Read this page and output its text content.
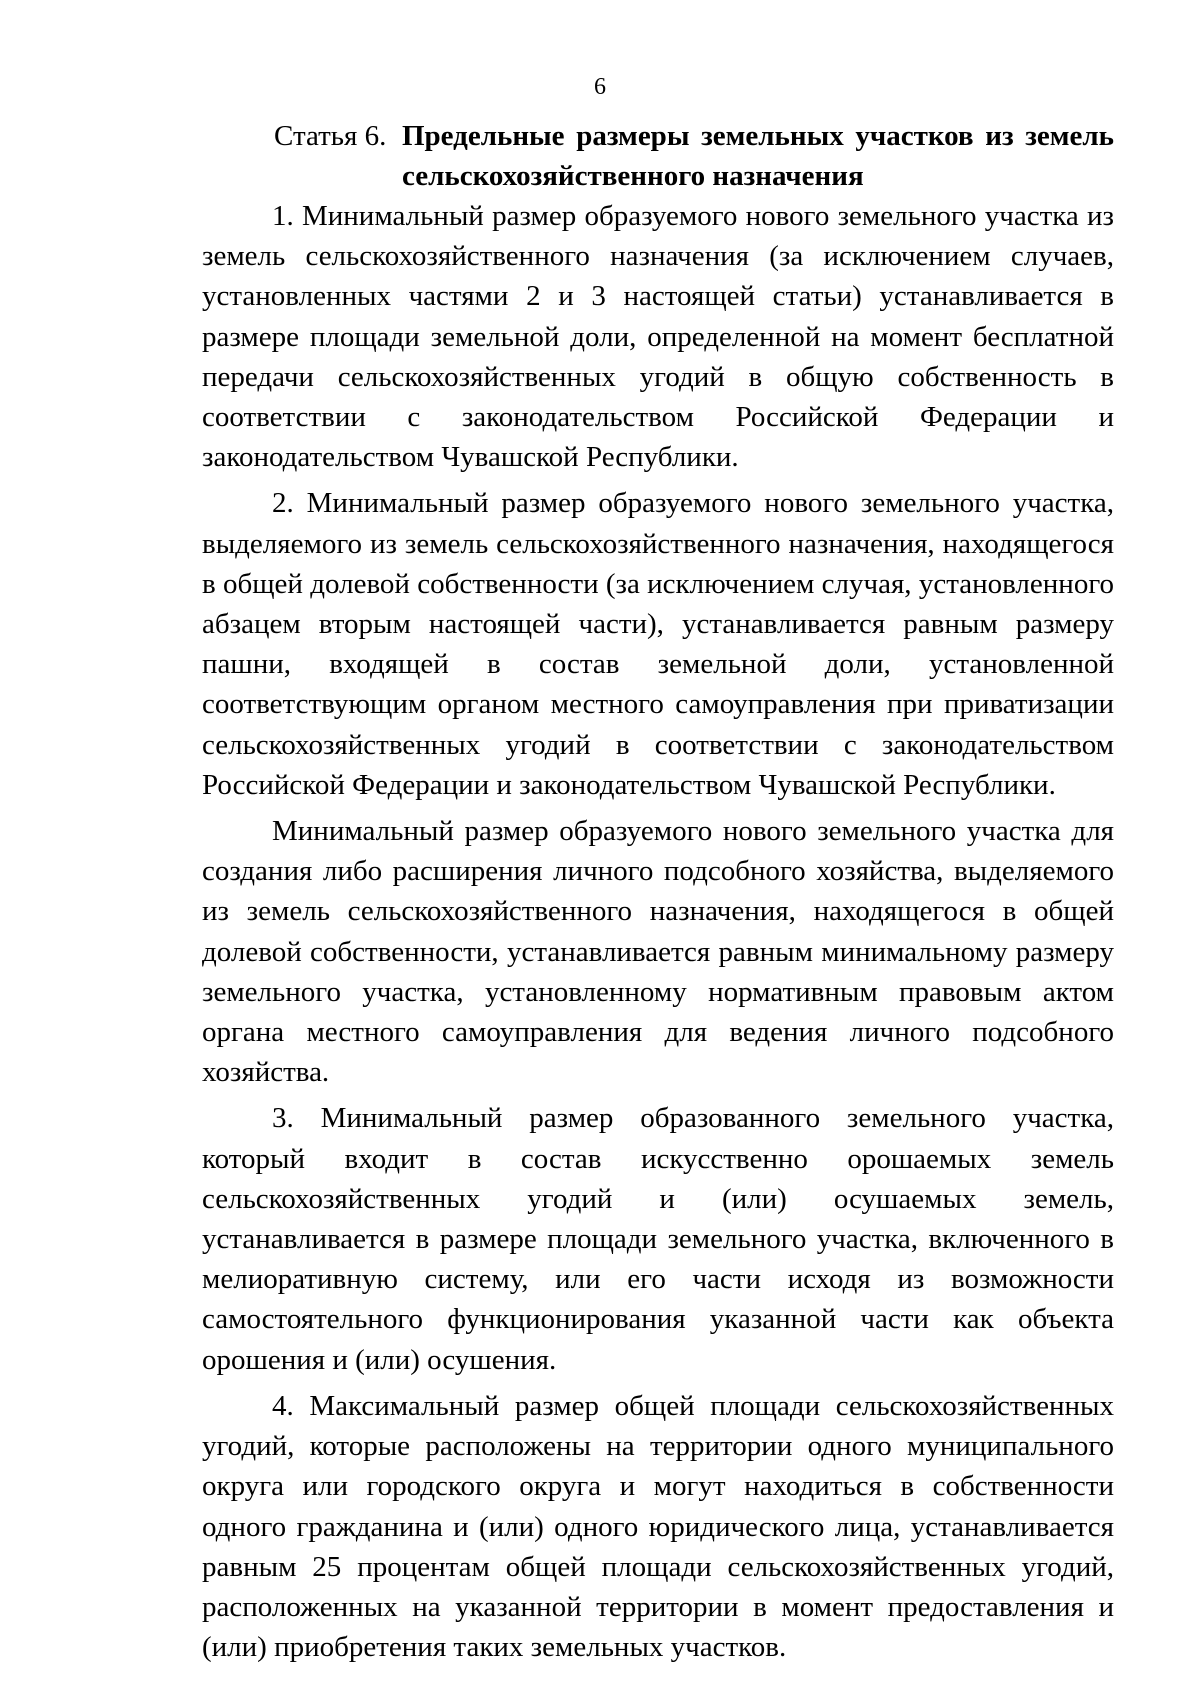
6
Статья 6. Предельные размеры земельных участков из земель сельскохозяйственного назначения

1. Минимальный размер образуемого нового земельного участка из земель сельскохозяйственного назначения (за исключением случаев, установленных частями 2 и 3 настоящей статьи) устанавливается в размере площади земельной доли, определенной на момент бесплатной передачи сельскохозяйственных угодий в общую собственность в соответствии с законодательством Российской Федерации и законодательством Чувашской Республики.

2. Минимальный размер образуемого нового земельного участка, выделяемого из земель сельскохозяйственного назначения, находящегося в общей долевой собственности (за исключением случая, установленного абзацем вторым настоящей части), устанавливается равным размеру пашни, входящей в состав земельной доли, установленной соответствующим органом местного самоуправления при приватизации сельскохозяйственных угодий в соответствии с законодательством Российской Федерации и законодательством Чувашской Республики.

Минимальный размер образуемого нового земельного участка для создания либо расширения личного подсобного хозяйства, выделяемого из земель сельскохозяйственного назначения, находящегося в общей долевой собственности, устанавливается равным минимальному размеру земельного участка, установленному нормативным правовым актом органа местного самоуправления для ведения личного подсобного хозяйства.

3. Минимальный размер образованного земельного участка, который входит в состав искусственно орошаемых земель сельскохозяйственных угодий и (или) осушаемых земель, устанавливается в размере площади земельного участка, включенного в мелиоративную систему, или его части исходя из возможности самостоятельного функционирования указанной части как объекта орошения и (или) осушения.

4. Максимальный размер общей площади сельскохозяйственных угодий, которые расположены на территории одного муниципального округа или городского округа и могут находиться в собственности одного гражданина и (или) одного юридического лица, устанавливается равным 25 процентам общей площади сельскохозяйственных угодий, расположенных на указанной территории в момент предоставления и (или) приобретения таких земельных участков.
